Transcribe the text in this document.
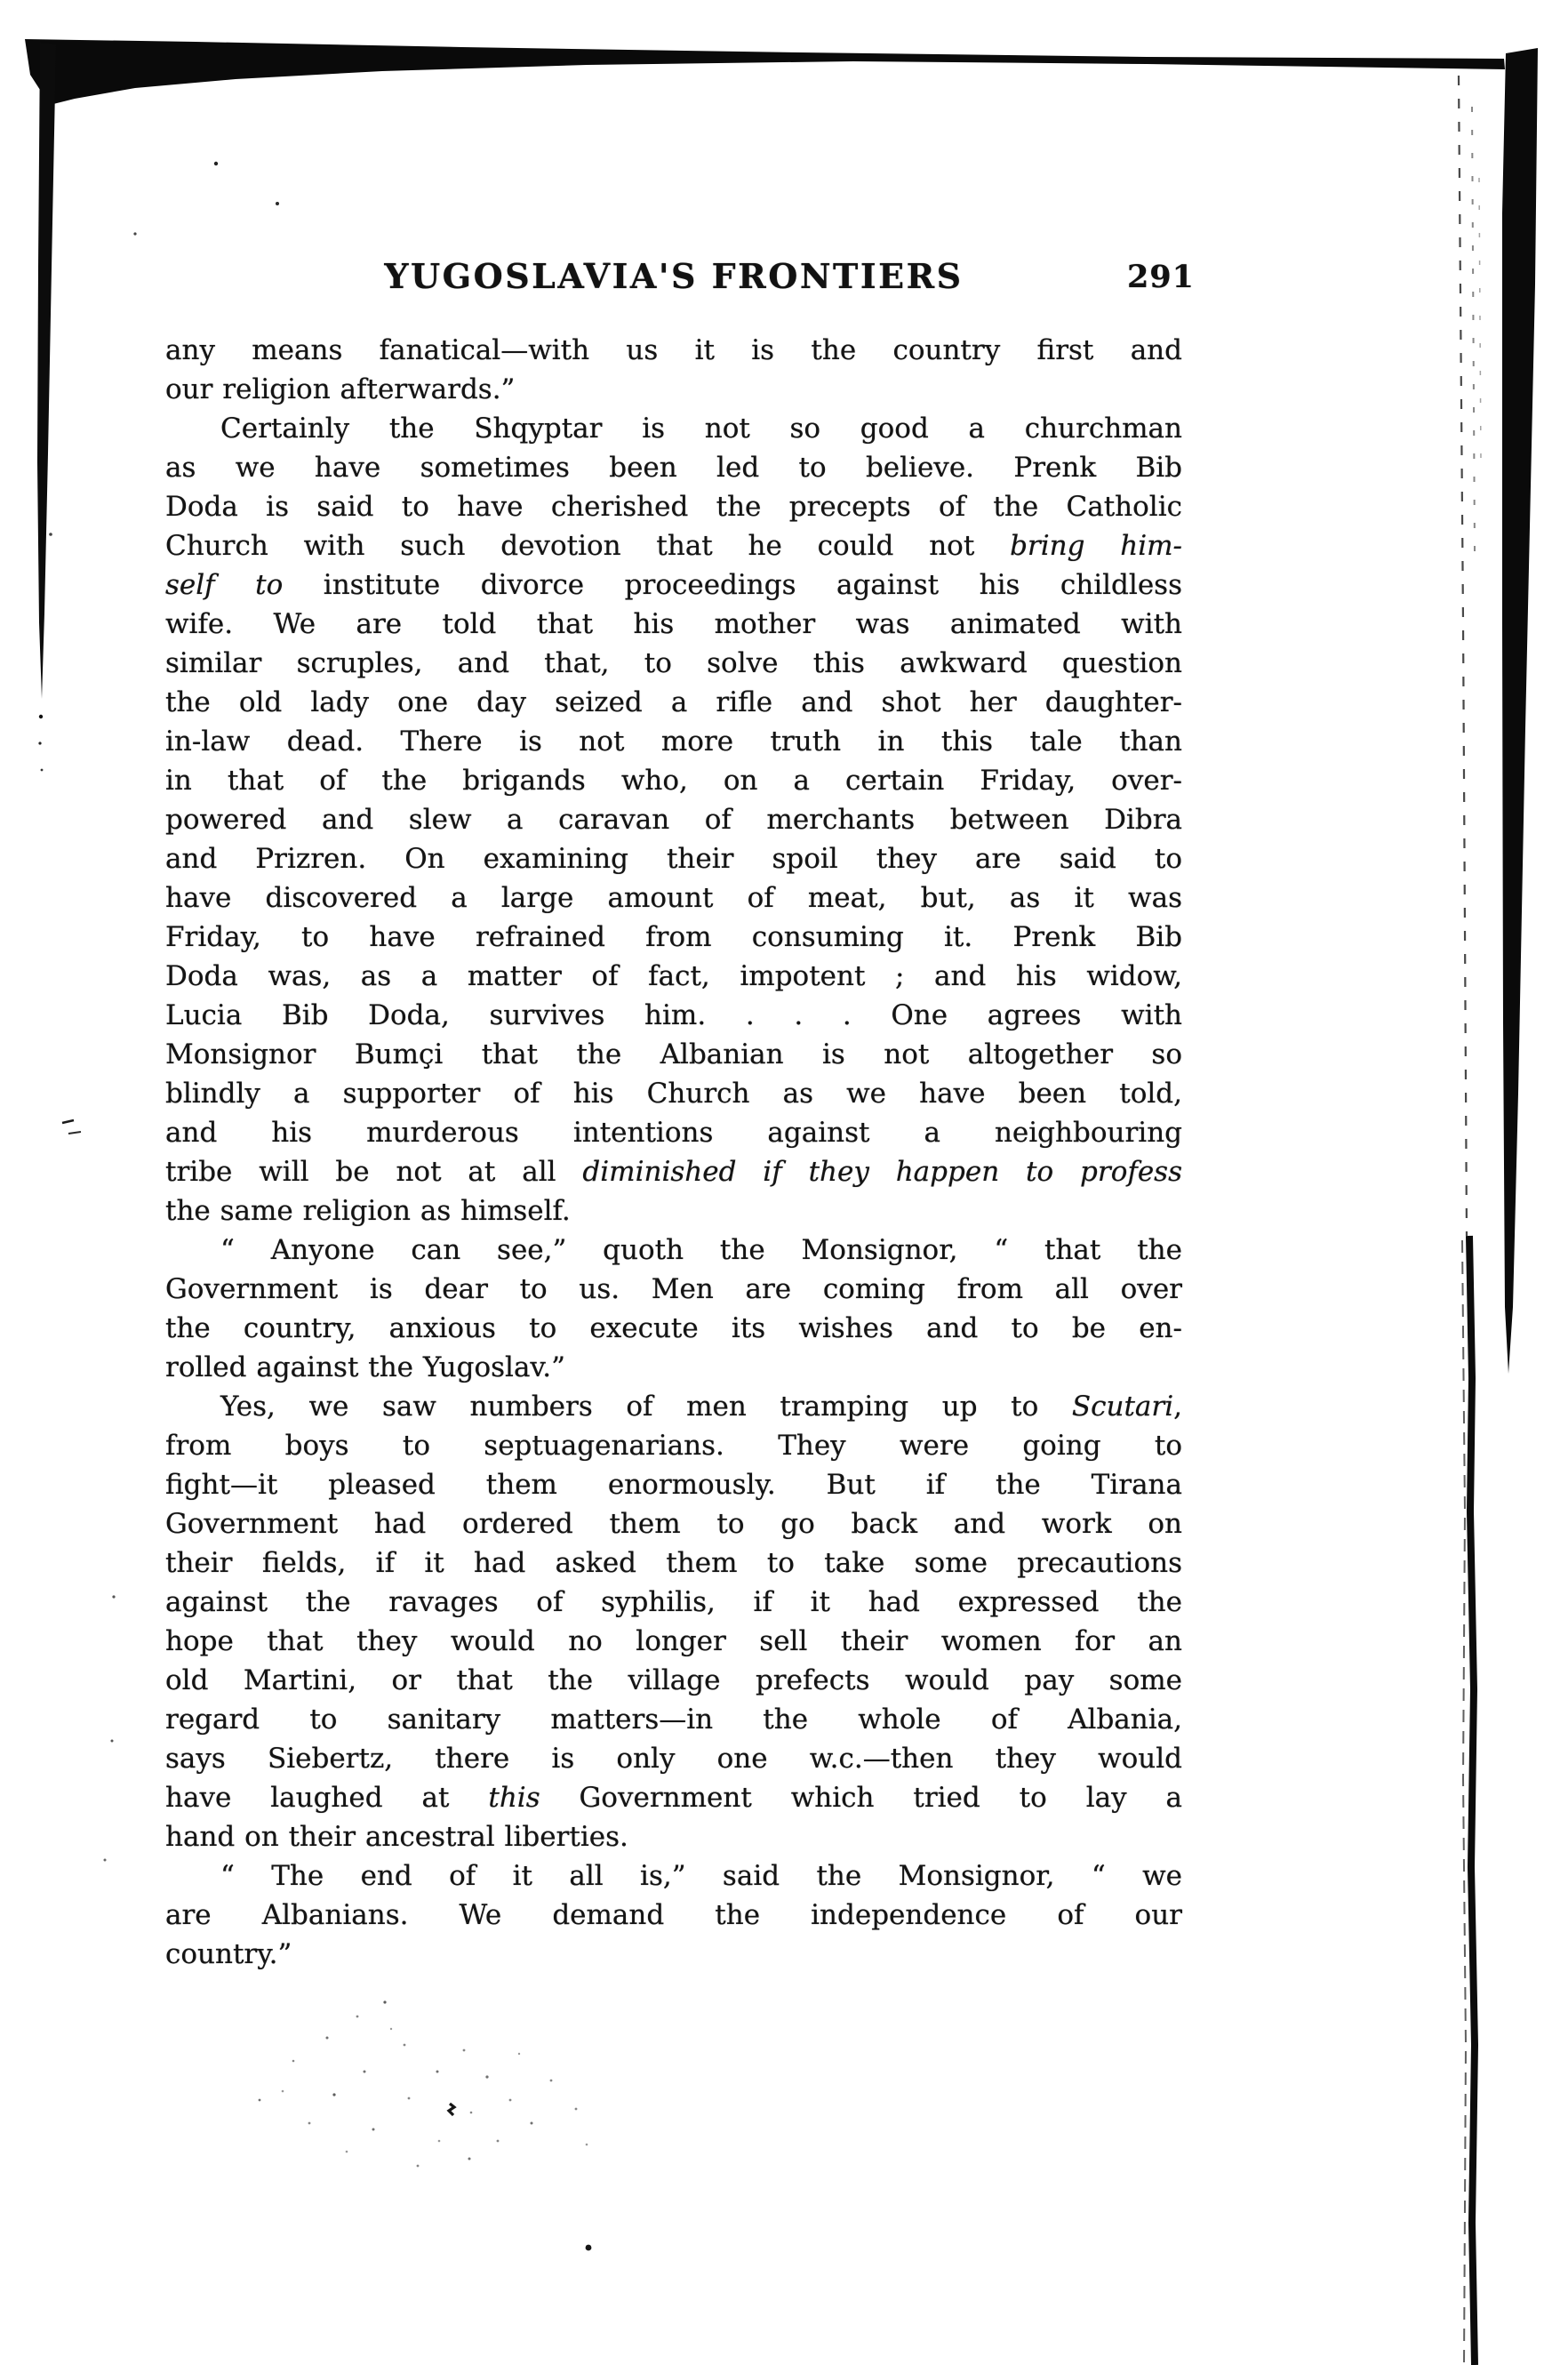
YUGOSLAVIA'S FRONTIERS	291
any means fanatical—with us it is the country first and
our religion afterwards.”
Certainly the Shqyptar is not so good a churchman
as we have sometimes been led to believe. Prenk Bib
Doda is said to have cherished the precepts of the Catholic
Church with such devotion that he could not bring him-
self to institute divorce proceedings against his childless
wife. We are told that his mother was animated with
similar scruples, and that, to solve this awkward question
the old lady one day seized a rifle and shot her daughter-
in-law dead. There is not more truth in this tale than
in that of the brigands who, on a certain Friday, over-
powered and slew a caravan of merchants between Dibra
and Prizren. On examining their spoil they are said to
have discovered a large amount of meat, but, as it was
Friday, to have refrained from consuming it. Prenk Bib
Doda was, as a matter of fact, impotent ; and his widow,
Lucia Bib Doda, survives him. . . . One agrees with
Monsignor Bumçi that the Albanian is not altogether so
blindly a supporter of his Church as we have been told,
and his murderous intentions against a neighbouring
tribe will be not at all diminished if they happen to profess
the same religion as himself.
“ Anyone can see,” quoth the Monsignor, “ that the
Government is dear to us. Men are coming from all over
the country, anxious to execute its wishes and to be en-
rolled against the Yugoslav.”
Yes, we saw numbers of men tramping up to Scutari,
from boys to septuagenarians. They were going to
fight—it pleased them enormously. But if the Tirana
Government had ordered them to go back and work on
their fields, if it had asked them to take some precautions
against the ravages of syphilis, if it had expressed the
hope that they would no longer sell their women for an
old Martini, or that the village prefects would pay some
regard to sanitary matters—in the whole of Albania,
says Siebertz, there is only one w.c.—then they would
have laughed at this Government which tried to lay a
hand on their ancestral liberties.
“ The end of it all is,” said the Monsignor, “ we
are Albanians. We demand the independence of our
country.”
